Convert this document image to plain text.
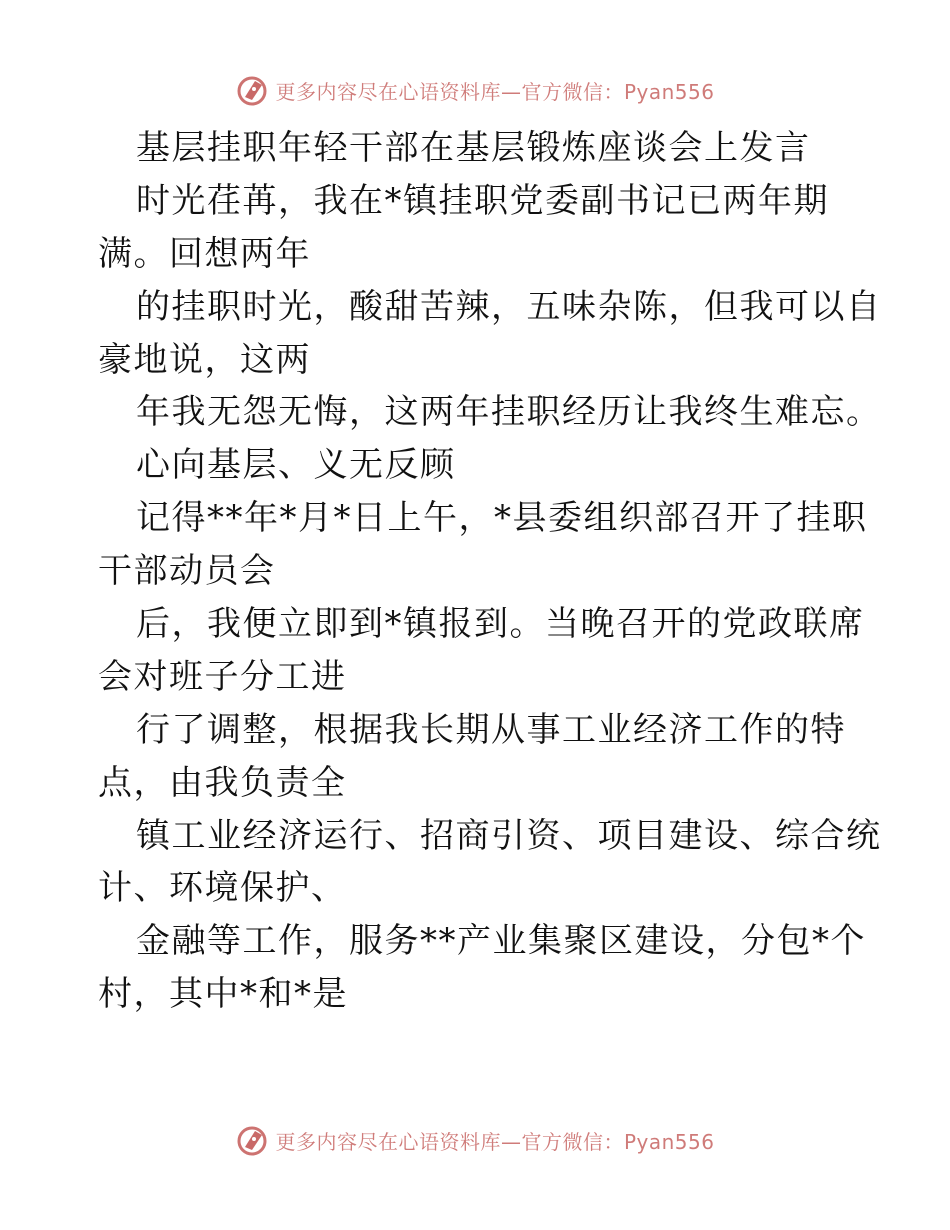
更多内容尽在心语资料库—官方微信：Pyan556
基层挂职年轻干部在基层锻炼座谈会上发言
时光荏苒，我在*镇挂职党委副书记已两年期
满。回想两年
的挂职时光，酸甜苦辣，五味杂陈，但我可以自
豪地说，这两
年我无怨无悔，这两年挂职经历让我终生难忘。
心向基层、义无反顾
记得**年*月*日上午，*县委组织部召开了挂职
干部动员会
后，我便立即到*镇报到。当晚召开的党政联席
会对班子分工进
行了调整，根据我长期从事工业经济工作的特
点，由我负责全
镇工业经济运行、招商引资、项目建设、综合统
计、环境保护、
金融等工作，服务**产业集聚区建设，分包*个
村，其中*和*是
更多内容尽在心语资料库—官方微信：Pyan556
